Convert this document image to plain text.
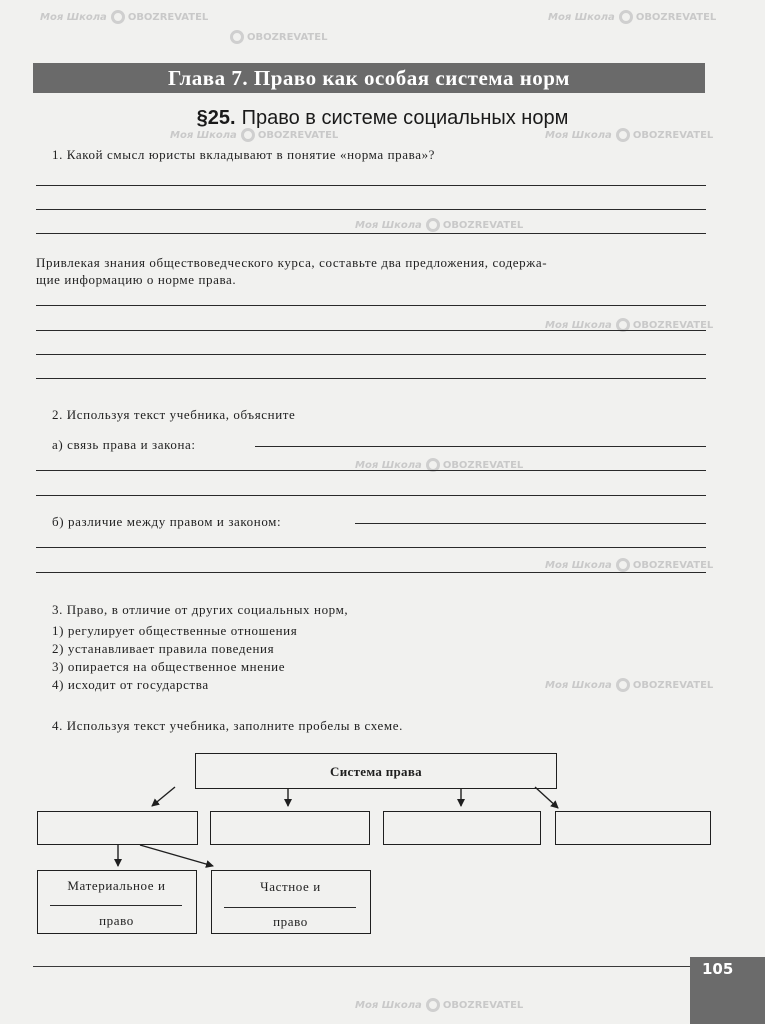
Моя Школа OBOZREVATEL
OBOZREVATEL
Моя Школа OBOZREVATEL
Моя Школа OBOZREVATEL	Моя Школа OBOZREVATEL
Моя Школа OBOZREVATEL
Моя Школа OBOZREVATEL
Моя Школа OBOZREVATEL
Моя Школа OBOZREVATEL
Моя Школа OBOZREVATEL
Моя Школа OBOZREVATEL
Глава 7. Право как особая система норм
§25. Право в системе социальных норм
1. Какой смысл юристы вкладывают в понятие «норма права»?
Привлекая знания обществоведческого курса, составьте два предложения, содержа-
щие информацию о норме права.
2. Используя текст учебника, объясните
а) связь права и закона:
б) различие между правом и законом:
3. Право, в отличие от других социальных норм,
1) регулирует общественные отношения
2) устанавливает правила поведения
3) опирается на общественное мнение
4) исходит от государства
4. Используя текст учебника, заполните пробелы в схеме.
Система права
Материальное и
право
Частное и
право
105
